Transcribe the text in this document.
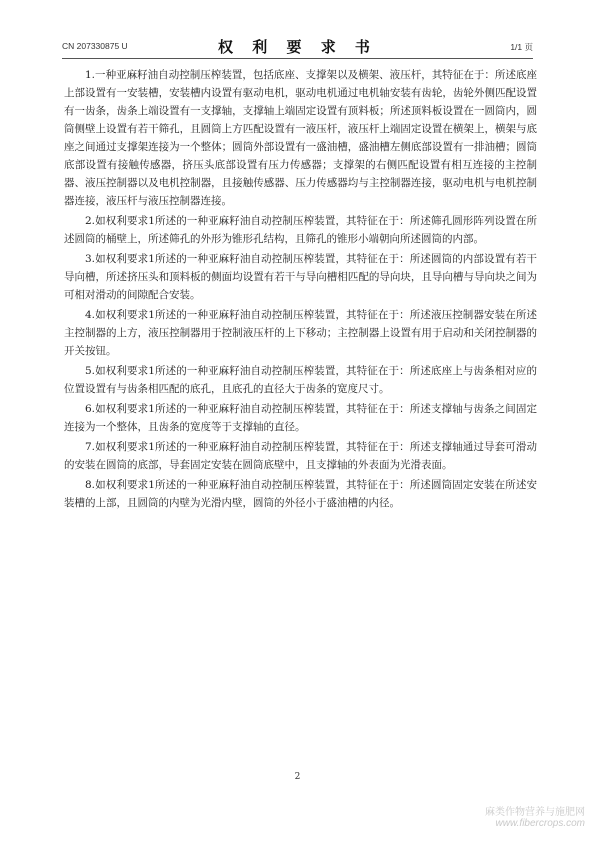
CN 207330875 U	权 利 要 求 书	1/1 页

1.一种亚麻籽油自动控制压榨装置，包括底座、支撑架以及横架、液压杆，其特征在于：所述底座上部设置有一安装槽，安装槽内设置有驱动电机，驱动电机通过电机轴安装有齿轮，齿轮外侧匹配设置有一齿条，齿条上端设置有一支撑轴，支撑轴上端固定设置有顶料板；所述顶料板设置在一圆筒内，圆筒侧壁上设置有若干筛孔，且圆筒上方匹配设置有一液压杆，液压杆上端固定设置在横架上，横架与底座之间通过支撑架连接为一个整体；圆筒外部设置有一盛油槽，盛油槽左侧底部设置有一排油槽；圆筒底部设置有接触传感器，挤压头底部设置有压力传感器；支撑架的右侧匹配设置有相互连接的主控制器、液压控制器以及电机控制器，且接触传感器、压力传感器均与主控制器连接，驱动电机与电机控制器连接，液压杆与液压控制器连接。

2.如权利要求1所述的一种亚麻籽油自动控制压榨装置，其特征在于：所述筛孔圆形阵列设置在所述圆筒的桶壁上，所述筛孔的外形为锥形孔结构，且筛孔的锥形小端朝向所述圆筒的内部。

3.如权利要求1所述的一种亚麻籽油自动控制压榨装置，其特征在于：所述圆筒的内部设置有若干导向槽，所述挤压头和顶料板的侧面均设置有若干与导向槽相匹配的导向块，且导向槽与导向块之间为可相对滑动的间隙配合安装。

4.如权利要求1所述的一种亚麻籽油自动控制压榨装置，其特征在于：所述液压控制器安装在所述主控制器的上方，液压控制器用于控制液压杆的上下移动；主控制器上设置有用于启动和关闭控制器的开关按钮。

5.如权利要求1所述的一种亚麻籽油自动控制压榨装置，其特征在于：所述底座上与齿条相对应的位置设置有与齿条相匹配的底孔，且底孔的直径大于齿条的宽度尺寸。

6.如权利要求1所述的一种亚麻籽油自动控制压榨装置，其特征在于：所述支撑轴与齿条之间固定连接为一个整体，且齿条的宽度等于支撑轴的直径。

7.如权利要求1所述的一种亚麻籽油自动控制压榨装置，其特征在于：所述支撑轴通过导套可滑动的安装在圆筒的底部，导套固定安装在圆筒底壁中，且支撑轴的外表面为光滑表面。

8.如权利要求1所述的一种亚麻籽油自动控制压榨装置，其特征在于：所述圆筒固定安装在所述安装槽的上部，且圆筒的内壁为光滑内壁，圆筒的外径小于盛油槽的内径。

2
麻类作物营养与施肥网
www.fibercrops.com
